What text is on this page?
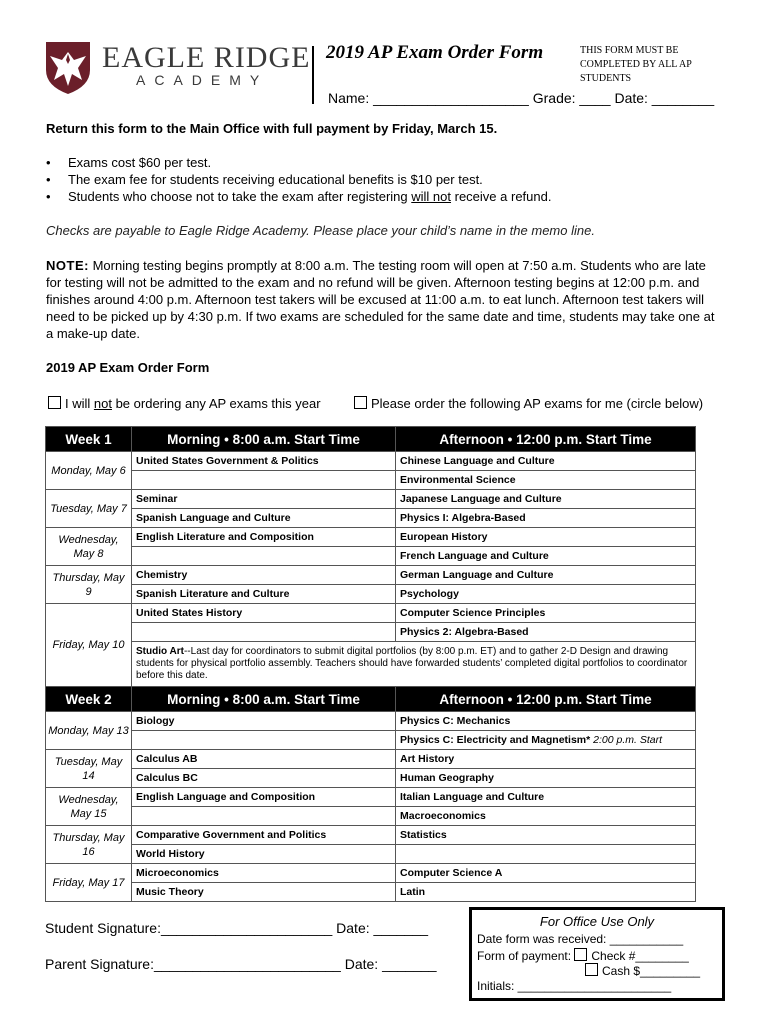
EAGLE RIDGE
ACADEMY
2019 AP Exam Order Form	THIS FORM MUST BE COMPLETED BY ALL AP STUDENTS
Name: ____________________ Grade: ____ Date: ________
Return this form to the Main Office with full payment by Friday, March 15.
• Exams cost $60 per test.
• The exam fee for students receiving educational benefits is $10 per test.
• Students who choose not to take the exam after registering will not receive a refund.
Checks are payable to Eagle Ridge Academy. Please place your child’s name in the memo line.
NOTE: Morning testing begins promptly at 8:00 a.m. The testing room will open at 7:50 a.m. Students who are late for testing will not be admitted to the exam and no refund will be given. Afternoon testing begins at 12:00 p.m. and finishes around 4:00 p.m. Afternoon test takers will be excused at 11:00 a.m. to eat lunch. Afternoon test takers will need to be picked up by 4:30 p.m. If two exams are scheduled for the same date and time, students may take one at a make-up date.
2019 AP Exam Order Form
I will not be ordering any AP exams this year	Please order the following AP exams for me (circle below)
Week 1	Morning • 8:00 a.m. Start Time	Afternoon • 12:00 p.m. Start Time
Monday, May 6	United States Government & Politics	Chinese Language and Culture
		Environmental Science
Tuesday, May 7	Seminar	Japanese Language and Culture
	Spanish Language and Culture	Physics I: Algebra-Based
Wednesday, May 8	English Literature and Composition	European History
		French Language and Culture
Thursday, May 9	Chemistry	German Language and Culture
	Spanish Literature and Culture	Psychology
Friday, May 10	United States History	Computer Science Principles
		Physics 2: Algebra-Based
	Studio Art--Last day for coordinators to submit digital portfolios (by 8:00 p.m. ET) and to gather 2-D Design and drawing students for physical portfolio assembly. Teachers should have forwarded students’ completed digital portfolios to coordinator before this date.	
Week 2	Morning • 8:00 a.m. Start Time	Afternoon • 12:00 p.m. Start Time
Monday, May 13	Biology	Physics C: Mechanics
		Physics C: Electricity and Magnetism* 2:00 p.m. Start
Tuesday, May 14	Calculus AB	Art History
	Calculus BC	Human Geography
Wednesday, May 15	English Language and Composition	Italian Language and Culture
		Macroeconomics
Thursday, May 16	Comparative Government and Politics	Statistics
	World History	
Friday, May 17	Microeconomics	Computer Science A
	Music Theory	Latin
Student Signature:______________________ Date: _______
Parent Signature:________________________ Date: _______
For Office Use Only
Date form was received: ___________
Form of payment: Check #________
Cash $_________
Initials: _______________________
